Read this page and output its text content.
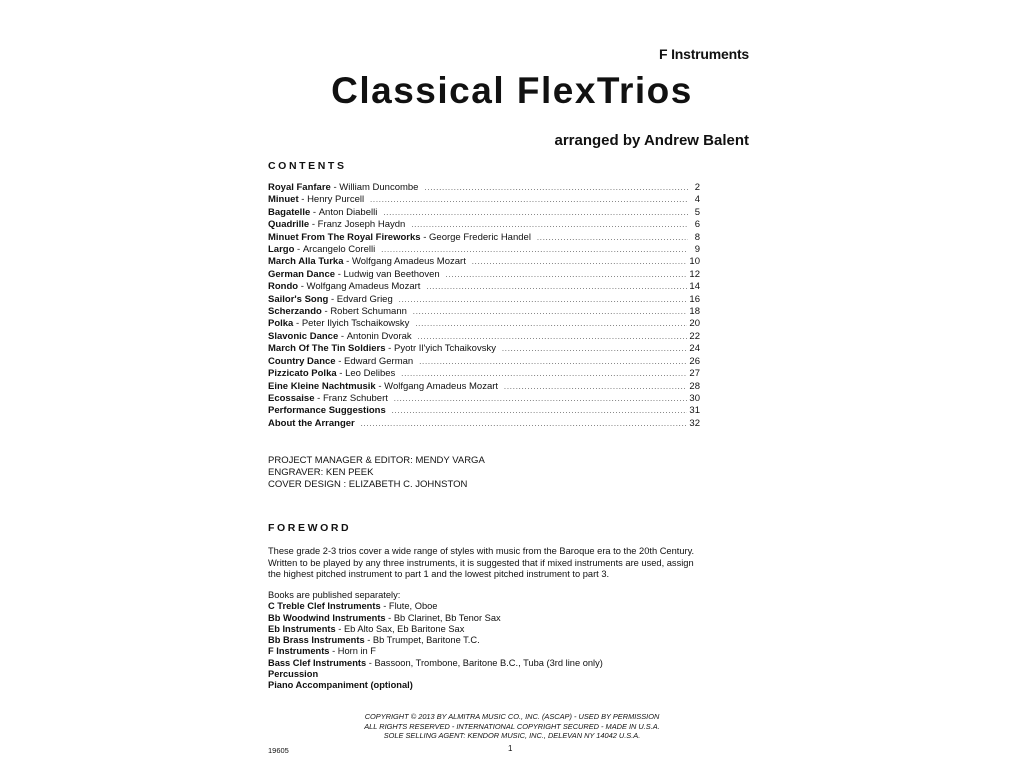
F Instruments
Classical FlexTrios
arranged by Andrew Balent
CONTENTS
Royal Fanfare - William Duncombe .....	2
Minuet - Henry Purcell .....	4
Bagatelle - Anton Diabelli .....	5
Quadrille - Franz Joseph Haydn .....	6
Minuet From The Royal Fireworks - George Frederic Handel .....	8
Largo - Arcangelo Corelli .....	9
March Alla Turka - Wolfgang Amadeus Mozart .....	10
German Dance - Ludwig van Beethoven .....	12
Rondo - Wolfgang Amadeus Mozart .....	14
Sailor's Song - Edvard Grieg .....	16
Scherzando - Robert Schumann .....	18
Polka - Peter Ilyich Tschaikowsky .....	20
Slavonic Dance - Antonin Dvorak .....	22
March Of The Tin Soldiers - Pyotr Il'yich Tchaikovsky .....	24
Country Dance - Edward German .....	26
Pizzicato Polka - Leo Delibes .....	27
Eine Kleine Nachtmusik - Wolfgang Amadeus Mozart .....	28
Ecossaise - Franz Schubert .....	30
Performance Suggestions .....	31
About the Arranger .....	32
PROJECT MANAGER & EDITOR: MENDY VARGA
ENGRAVER: KEN PEEK
COVER DESIGN : ELIZABETH C. JOHNSTON
FOREWORD

These grade 2-3 trios cover a wide range of styles with music from the Baroque era to the 20th Century. Written to be played by any three instruments, it is suggested that if mixed instruments are used, assign the highest pitched instrument to part 1 and the lowest pitched instrument to part 3.

Books are published separately:
C Treble Clef Instruments - Flute, Oboe
Bb Woodwind Instruments - Bb Clarinet, Bb Tenor Sax
Eb Instruments - Eb Alto Sax, Eb Baritone Sax
Bb Brass Instruments - Bb Trumpet, Baritone T.C.
F Instruments - Horn in F
Bass Clef Instruments - Bassoon, Trombone, Baritone B.C., Tuba (3rd line only)
Percussion
Piano Accompaniment (optional)
COPYRIGHT © 2013 BY ALMITRA MUSIC CO., INC. (ASCAP) - USED BY PERMISSION
ALL RIGHTS RESERVED - INTERNATIONAL COPYRIGHT SECURED - MADE IN U.S.A.
SOLE SELLING AGENT: KENDOR MUSIC, INC., DELEVAN NY 14042 U.S.A.
19605	1
